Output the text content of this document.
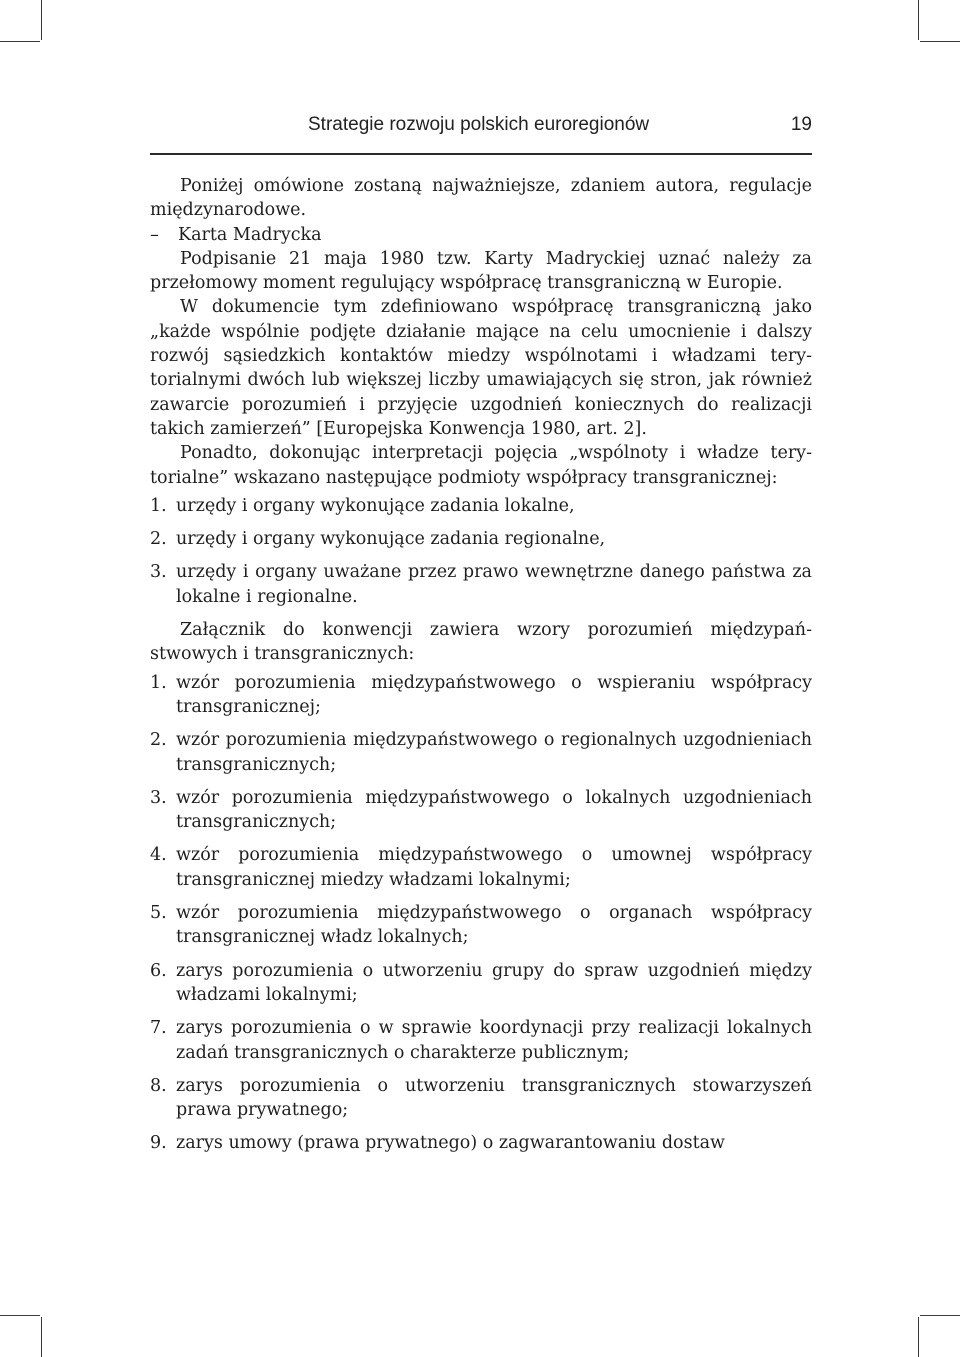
Strategie rozwoju polskich euroregionów	19

Poniżej omówione zostaną najważniejsze, zdaniem autora, regulacje międzynarodowe.

– Karta Madrycka

Podpisanie 21 maja 1980 tzw. Karty Madryckiej uznać należy za przełomowy moment regulujący współpracę transgraniczną w Europie.

W dokumencie tym zdefiniowano współpracę transgraniczną jako „każde wspólnie podjęte działanie mające na celu umocnienie i dalszy rozwój sąsiedzkich kontaktów miedzy wspólnotami i władzami terytorialnymi dwóch lub większej liczby umawiających się stron, jak również zawarcie porozumień i przyjęcie uzgodnień koniecznych do realizacji takich zamierzeń” [Europejska Konwencja 1980, art. 2].

Ponadto, dokonując interpretacji pojęcia „wspólnoty i władze terytorialne” wskazano następujące podmioty współpracy transgranicznej:

1. urzędy i organy wykonujące zadania lokalne,
2. urzędy i organy wykonujące zadania regionalne,
3. urzędy i organy uważane przez prawo wewnętrzne danego państwa za lokalne i regionalne.

Załącznik do konwencji zawiera wzory porozumień międzypaństwowych i transgranicznych:

1. wzór porozumienia międzypaństwowego o wspieraniu współpracy transgranicznej;
2. wzór porozumienia międzypaństwowego o regionalnych uzgodnieniach transgranicznych;
3. wzór porozumienia międzypaństwowego o lokalnych uzgodnieniach transgranicznych;
4. wzór porozumienia międzypaństwowego o umownej współpracy transgranicznej miedzy władzami lokalnymi;
5. wzór porozumienia międzypaństwowego o organach współpracy transgranicznej władz lokalnych;
6. zarys porozumienia o utworzeniu grupy do spraw uzgodnień między władzami lokalnymi;
7. zarys porozumienia o w sprawie koordynacji przy realizacji lokalnych zadań transgranicznych o charakterze publicznym;
8. zarys porozumienia o utworzeniu transgranicznych stowarzyszeń prawa prywatnego;
9. zarys umowy (prawa prywatnego) o zagwarantowaniu dostaw
